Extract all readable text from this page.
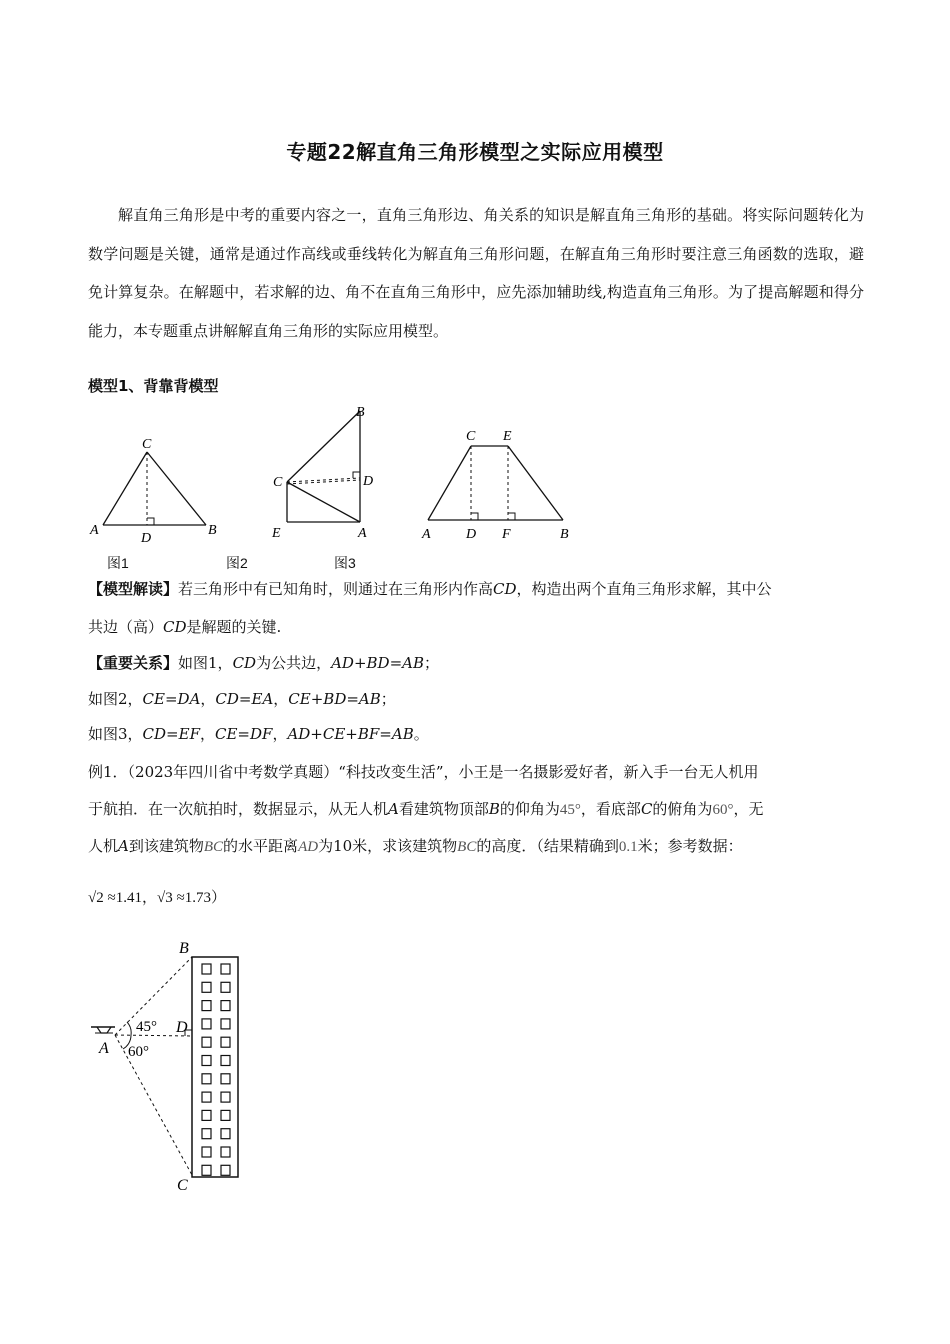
专题22解直角三角形模型之实际应用模型
解直角三角形是中考的重要内容之一，直角三角形边、角关系的知识是解直角三角形的基础。将实际问题转化为数学问题是关键，通常是通过作高线或垂线转化为解直角三角形问题，在解直角三角形时要注意三角函数的选取，避免计算复杂。在解题中，若求解的边、角不在直角三角形中，应先添加辅助线,构造直角三角形。为了提高解题和得分能力，本专题重点讲解解直角三角形的实际应用模型。
模型1、背靠背模型
C
A
D
B
B
C	D
E	A
C E
A	D F	B
图1	图2	图3
【模型解读】若三角形中有已知角时，则通过在三角形内作高CD，构造出两个直角三角形求解，其中公
共边（高）CD是解题的关键.
【重要关系】如图1，CD为公共边，AD+BD=AB；
如图2，CE=DA，CD=EA，CE+BD=AB；
如图3，CD=EF，CE=DF，AD+CE+BF=AB。
例1．（2023年四川省中考数学真题）“科技改变生活”，小王是一名摄影爱好者，新入手一台无人机用
于航拍．在一次航拍时，数据显示，从无人机A看建筑物顶部B的仰角为45°，看底部C的俯角为60°，无
人机A到该建筑物BC的水平距离AD为10米，求该建筑物BC的高度．（结果精确到0.1米；参考数据：
√2 ≈1.41，√3 ≈1.73）
B
D
A
C
45°
60°
